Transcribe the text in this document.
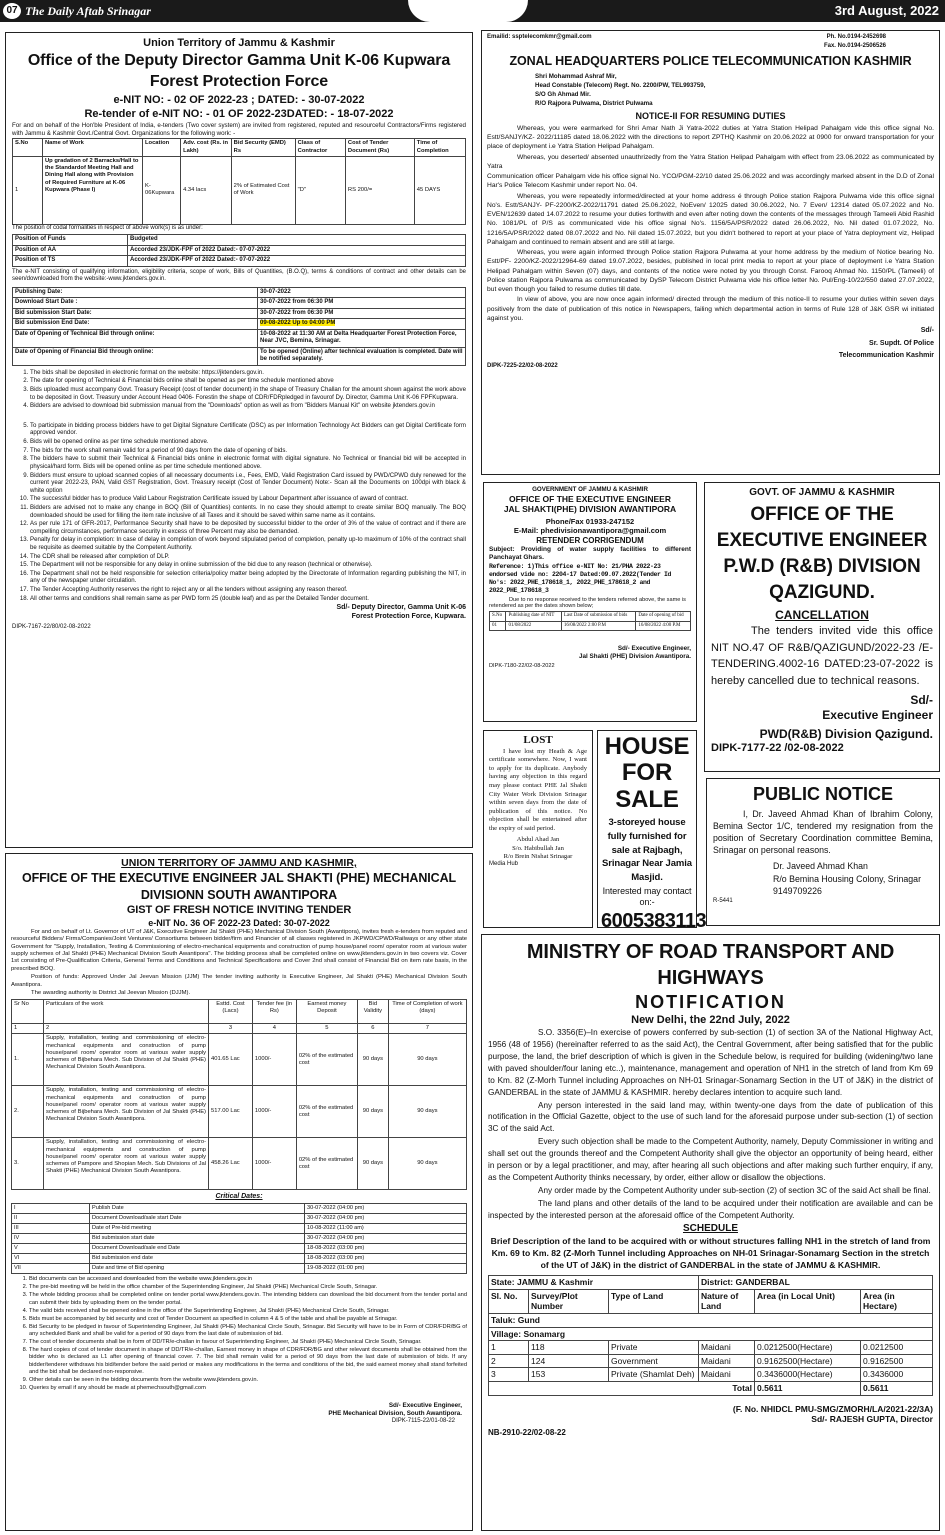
07 The Daily Aftab Srinagar	آفتاب	3rd August, 2022
Union Territory of Jammu & Kashmir
Office of the Deputy Director Gamma Unit K-06 Kupwara
Forest Protection Force
e-NIT NO: - 02 OF 2022-23 ; DATED: - 30-07-2022
Re-tender of e-NIT NO: - 01 OF 2022-23DATED: - 18-07-2022

For and on behalf of the Hon'ble President of India, e-tenders (Two cover system) are invited from registered, reputed and resourceful Contractors/Firms registered with Jammu & Kashmir Govt./Central Govt. Organizations for the following work: -

S.No	Name of Work	Location	Adv. cost (Rs. in Lakh)	Bid Security (EMD) Rs	Class of Contractor	Cost of Tender Document (Rs)	Time of Completion
1	Up gradation of 2 Barracks/Hall to the Standardof Meeting Hall and Dining Hall along with Provision of Required Furniture at K-06 Kupwara (Phase I)	K-06Kupwara	4.34 lacs	2% of Estimated Cost of Work	"D"	RS 200/=	45 DAYS

The position of codal formalities in respect of above work(s) is as under:

Position of Funds	Budgeted
Position of AA	Accorded 23/JDK-FPF of 2022 Dated:- 07-07-2022
Position of TS	Accorded 23/JDK-FPF of 2022 Dated:- 07-07-2022

The e-NIT consisting of qualifying information, eligibility criteria, scope of work, Bills of Quantities, (B.O.Q), terms & conditions of contract and other details can be seen/downloaded from the website:-www.jktenders.gov.in.

Publishing Date:	30-07-2022
Download Start Date :	30-07-2022 from 06:30 PM
Bid submission Start Date:	30-07-2022 from 06:30 PM
Bid submission End Date:	09-08-2022 Up to 04:00 PM
Date of Opening of Technical Bid through online:	10-08-2022 at 11:30 AM at Delta Headquarter Forest Protection Force, Near JVC, Bemina, Srinagar.
Date of Opening of Financial Bid through online:	To be opened (Online) after technical evaluation is completed. Date will be notified separately.
1. The bids shall be deposited in electronic format on the website: https://jktenders.gov.in.
2. The date for opening of Technical & Financial bids online shall be opened as per time schedule mentioned above
3. Bids uploaded must accompany Govt. Treasury Receipt (cost of tender document) in the shape of Treasury Challan for the amount shown against the work above to be deposited in Govt. Treasury under Account Head 0406- Forestin the shape of CDR/FDRpledged in favourof Dy. Director, Gamma Unit K-06 FPFKupwara.
4. Bidders are advised to download bid submission manual from the "Downloads" option as well as from "Bidders Manual Kit" on website jktenders.gov.in
5. To participate in bidding process bidders have to get Digital Signature Certificate (DSC) as per Information Technology Act Bidders can get Digital Certificate form approved vendor.
6. Bids will be opened online as per time schedule mentioned above.
7. The bids for the work shall remain valid for a period of 90 days from the date of opening of bids.
8. The bidders have to submit their Technical & Financial bids online in electronic format with digital signature. No Technical or financial bid will be accepted in physical/hard form. Bids will be opened online as per time schedule mentioned above.
9. Bidders must ensure to upload scanned copies of all necessary documents i.e., Fees, EMD, Valid Registration Card issued by PWD/CPWD duly renewed for the current year 2022-23, PAN, Valid GST Registration, Govt. Treasury receipt (Cost of Tender Document) Note:- Scan all the Documents on 100dpi with black & white option
10. The successful bidder has to produce Valid Labour Registration Certificate issued by Labour Department after issuance of award of contract.
11. Bidders are advised not to make any change in BOQ (Bill of Quantities) contents. In no case they should attempt to create similar BOQ manually. The BOQ downloaded should be used for filling the item rate inclusive of all Taxes and it should be saved within same name as it contains.
12. As per rule 171 of GFR-2017, Performance Security shall have to be deposited by successful bidder to the order of 3% of the value of contract and if there are compelling circumstances, performance security in excess of three Percent may also be demanded.
13. Penalty for delay in completion: In case of delay in completion of work beyond stipulated period of completion, penalty up-to maximum of 10% of the contract shall be requisite as deemed suitable by the Competent Authority.
14. The CDR shall be released after completion of DLP.
15. The Department will not be responsible for any delay in online submission of the bid due to any reason (technical or otherwise).
16. The Department shall not be held responsible for selection criteria/policy matter being adopted by the Directorate of Information regarding publishing the NIT, in any of the newspaper under circulation.
17. The Tender Accepting Authority reserves the right to reject any or all the tenders without assigning any reason thereof.
18. All other terms and conditions shall remain same as per PWD form 25 (double leaf) and as per the Detailed Tender document.
Sd/- Deputy Director, Gamma Unit K-06
Forest Protection Force, Kupwara.
DIPK-7167-22/80/02-08-2022
Emailid: ssptelecomkmr@gmail.com	Ph. No.0194-2452698
Fax. No.0194-2506526
ZONAL HEADQUARTERS POLICE TELECOMMUNICATION KASHMIR
Shri Mohammad Ashraf Mir,
Head Constable (Telecom) Regt. No. 2200/PW, TEL993759,
S/O Gh Ahmad Mir.
R/O Rajpora Pulwama, District Pulwama
NOTICE-II FOR RESUMING DUTIES

Whereas, you were earmarked for Shri Amar Nath Ji Yatra-2022 duties at Yatra Station Helipad Pahalgam vide this office signal No. Estt/SANJY/KZ- 2022/11185 dated 18.06.2022 with the directions to report ZPTHQ Kashmir on 20.06.2022 at 0900 for onward transportation for your place of deployment i.e Yatra Station Helipad Pahalgam.

Whereas, you deserted/ absented unauthrizedly from the Yatra Station Helipad Pahalgam with effect from 23.06.2022 as communicated by Yatra

Communication officer Pahalgam vide his office signal No. YCO/PGM-22/10 dated 25.06.2022 and was accordingly marked absent in the D.D of Zonal Har's Police Telecom Kashmir under report No. 04.

Whereas, you were repeatedly informed/directed at your home address é through Police station Rajpora Pulwama vide this office signal No's. Estt/SANJY- PF-2200/KZ-2022/11791 dated 25.06.2022, NoEven/ 12025 dated 30.06.2022, No. 7 Even/ 12314 dated 05.07.2022 and No. EVEN/12639 dated 14.07.2022 to resume your duties forthwith and even after noting down the contents of the messages through Tameeli Abid Rashid No. 1081/PL of P/S as communicated vide his office signal No's. 1156/5A/PSR/2022 dated 26.06.2022, No. Nil dated 01.07.2022, No. 1216/5A/PSR/2022 dated 08.07.2022 and No. Nil dated 15.07.2022, but you didn't bothered to report at your place of Yatra deployment viz, Helipad Pahalgam and continued to remain absent and are still at large.

Whereas, you were again informed through Police station Rajpora Pulwama at your home address by the medium of Notice bearing No. Estt/PF- 2200/KZ-2022/12964-69 dated 19.07.2022, besides, published in local print media to report at your place of deployment i.e Yatra Station Helipad Pahalgam within Seven (07) days, and contents of the notice were noted by you through Const. Farooq Ahmad No. 1150/PL (Tameeli) of Police station Rajpora Pulwama as communicated by DySP Telecom District Pulwama vide his office letter No. Pul/Eng-10/22/550 dated 27.07.2022, but even though you failed to resume duties till date.

In view of above, you are now once again informed/ directed through the medium of this notice-II to resume your duties within seven days positively from the date of publication of this notice in Newspapers, failing which departmental action in terms of Rule 128 of J&K GSR wi initiated against you.

Sd/-
Sr. Supdt. Of Police
Telecommunication Kashmir
DIPK-7225-22/02-08-2022
GOVERNMENT OF JAMMU & KASHMIR
OFFICE OF THE EXECUTIVE ENGINEER
JAL SHAKTI(PHE) DIVISION AWANTIPORA
Phone/Fax 01933-247152
E-Mail: phedivisionawantipora@gmail.com
RETENDER CORRIGENDUM

Subject: Providing of water supply facilities to different Panchayat Ghars.

Reference: 1)This office e-NIT No: 21/PHA 2022-23 endorsed vide no: 2204-17 Dated:09.07.2022(Tender Id No's: 2022_PHE_178618_1, 2022_PHE_178618_2 and 2022_PHE_178618_3

Due to no response received to the tenders referred above, the same is retendered as per the dates shown below;

S.No	Publishing date of NIT	Last Date of submission of bids	Date of opening of bid
01	01/08/2022	16/08/2022 2:00 P.M	16/08/2022 4:00 P.M
Sd/- Executive Engineer,
Jal Shakti (PHE) Division Awantipora.
DIPK-7180-22/02-08-2022
GOVT. OF JAMMU & KASHMIR
OFFICE OF THE EXECUTIVE ENGINEER P.W.D (R&B) DIVISION QAZIGUND.
CANCELLATION

The tenders invited vide this office NIT NO.47 OF R&B/QAZIGUND/2022-23 /E-TENDERING.4002-16 DATED:23-07-2022 is hereby cancelled due to technical reasons.

Sd/-
Executive Engineer
PWD(R&B) Division Qazigund.
DIPK-7177-22 /02-08-2022
LOST

I have lost my Heath & Age certificate somewhere. Now, I want to apply for its duplicate. Anybody having any objection in this regard may please contact PHE Jal Shakti City Water Work Division Srinagar within seven days from the date of publication of this notice. No objection shall be entertained after the expiry of said period.

Abdul Ahad Jan
S/o. Habibullah Jan
R/o Brein Nishat Srinagar
Media Hub
HOUSE
FOR SALE

3-storeyed house fully furnished for sale at Rajbagh, Srinagar Near Jamia Masjid.

Interested may contact on:-
6005383113
PUBLIC NOTICE

I, Dr. Javeed Ahmad Khan of Ibrahim Colony, Bemina Sector 1/C, tendered my resignation from the position of Secretary Coordination committee Bemina, Srinagar on personal reasons.

Dr. Javeed Ahmad Khan
R/o Bemina Housing Colony, Srinagar
9149709226
R-5441
UNION TERRITORY OF JAMMU AND KASHMIR,
OFFICE OF THE EXECUTIVE ENGINEER JAL SHAKTI (PHE) MECHANICAL DIVISIONN SOUTH AWANTIPORA
GIST OF FRESH NOTICE INVITING TENDER
e-NIT No. 36 OF 2022-23 Dated: 30-07-2022

For and on behalf of Lt. Governor of UT of J&K, Executive Engineer Jal Shakti (PHE) Mechanical Division South (Awantipora), invites fresh e-tenders from reputed and resourceful Bidders/ Firms/Companies/Joint Ventures/ Consortiums between bidder/firm and Financier of all classes registered in JKPWD/CPWD/Railways or any other state Government for "Supply, Installation, Testing & Commissioning of electro-mechanical equipments and construction of pump house/panel room/ operator room at various water supply schemes of Jal Shakti (PHE) Mechanical Division South Awantipora". The bidding process shall be completed online on www.jktenders.gov.in in two covers viz. Cover 1st consisting of Pre-Qualification Criteria, General Terms and Conditions and Technical Specifications and Cover 2nd shall consist of Financial Bid on item rate basis, in the prescribed BOQ.

Position of funds: Approved Under Jal Jeevan Mission (JJM) The tender inviting authority is Executive Engineer, Jal Shakti (PHE) Mechanical Division South Awantipora.

The awarding authority is District Jal Jeevan Mission (DJJM).

Sr No	Particulars of the work	Esttd. Cost (Lacs)	Tender fee (in Rs)	Earnest money Deposit	Bid Validity	Time of Completion of work (days)
1	2	3	4	5	6	7
1.	Supply, installation, testing and commissioning of electro-mechanical equipments and construction of pump house/panel room/ operator room at various water supply schemes of Bijbehara Mech. Sub Division of Jal Shakti (PHE) Mechanical Division South Awantipora.	401.65 Lac	1000/-	02% of the estimated cost	90 days	90 days
2.	Supply, installation, testing and commissioning of electro-mechanical equipments and construction of pump house/panel room/ operator room at various water supply schemes of Bijbehara Mech. Sub Division of Jal Shakti (PHE) Mechanical Division South Awantipora.	517.00 Lac	1000/-	02% of the estimated cost	90 days	90 days
3.	Supply, installation, testing and commissioning of electro-mechanical equipments and construction of pump house/panel room/ operator room at various water supply schemes of Pampore and Shopian Mech. Sub Divisions of Jal Shakti (PHE) Mechanical Division South Awantipora.	458.26 Lac	1000/-	02% of the estimated cost	90 days	90 days
Critical Dates:
I	Publish Date	30-07-2022 (04:00 pm)
II	Document Download/sale start Date	30-07-2022 (04:00 pm)
III	Date of Pre-bid meeting	10-08-2022 (11:00 am)
IV	Bid submission start date	30-07-2022 (04:00 pm)
V	Document Download/sale end Date	18-08-2022 (03:00 pm)
VI	Bid submission end date	18-08-2022 (03:00 pm)
VII	Date and time of Bid opening	19-08-2022 (01:00 pm)
1. Bid documents can be accessed and downloaded from the website www.jktenders.gov.in
2. The pre-bid meeting will be held in the office chamber of the Superintending Engineer, Jal Shakti (PHE) Mechanical Circle South, Srinagar.
3. The whole bidding process shall be completed online on tender portal www.jktenders.gov.in. The intending bidders can download the bid document from the tender portal and can submit their bids by uploading them on the tender portal.
4. The valid bids received shall be opened online in the office of the Superintending Engineer, Jal Shakti (PHE) Mechanical Circle South, Srinagar.
5. Bids must be accompanied by bid security and cost of Tender Document as specified in column 4 & 5 of the table and shall be payable at Srinagar.
6. Bid Security to be pledged in favour of Superintending Engineer, Jal Shakti (PHE) Mechanical Circle South, Srinagar. Bid Security will have to be in Form of CDR/FDR/BG of any scheduled Bank and shall be valid for a period of 90 days from the last date of submission of bid.
7. The cost of tender documents shall be in form of DD/TR/e-challan in favour of Superintending Engineer, Jal Shakti (PHE) Mechanical Circle South, Srinagar.
8. The hard copies of cost of tender document in shape of DD/TR/e-challan, Earnest money in shape of CDR/FDR/BG and other relevant documents shall be obtained from the bidder who is declared as L1 after opening of financial cover. 7. The bid shall remain valid for a period of 90 days from the last date of submission of bids. If any bidder/tenderer withdraws his bid/tender before the said period or makes any modifications in the terms and conditions of the bid, the said earnest money shall stand forfeited and the bid shall be declared non-responsive.
9. Other details can be seen in the bidding documents from the website www.jktenders.gov.in.
10. Queries by email if any should be made at phemechsouth@gmail.com
Sd/- Executive Engineer,
PHE Mechanical Division, South Awantipora.
DIPK-7115-22/01-08-22
MINISTRY OF ROAD TRANSPORT AND HIGHWAYS
NOTIFICATION
New Delhi, the 22nd July, 2022

S.O. 3356(E)–In exercise of powers conferred by sub-section (1) of section 3A of the National Highway Act, 1956 (48 of 1956) (hereinafter referred to as the said Act), the Central Government, after being satisfied that for the public purpose, the land, the brief description of which is given in the Schedule below, is required for building (widening/two lane with paved shoulder/four laning etc..), maintenance, management and operation of NH1 in the stretch of land from Km 69 to Km. 82 (Z-Morh Tunnel including Approaches on NH-01 Srinagar-Sonamarg Section in the UT of J&K) in the district of GANDERBAL in the state of JAMMU & KASHMIR. hereby declares intention to acquire such land.

Any person interested in the said land may, within twenty-one days from the date of publication of this notification in the Official Gazette, object to the use of such land for the aforesaid purpose under sub-section (1) of section 3C of the said Act.

Every such objection shall be made to the Competent Authority, namely, Deputy Commissioner in writing and shall set out the grounds thereof and the Competent Authority shall give the objector an opportunity of being heard, either in person or by a legal practitioner, and may, after hearing all such objections and after making such further enquiry, if any, as the Competent Authority thinks necessary, by order, either allow or disallow the objections.

Any order made by the Competent Authority under sub-section (2) of section 3C of the said Act shall be final.

The land plans and other details of the land to be acquired under their notification are available and can be inspected by the interested person at the aforesaid office of the Competent Authority.

SCHEDULE

Brief Description of the land to be acquired with or without structures falling NH1 in the stretch of land from Km. 69 to Km. 82 (Z-Morh Tunnel including Approaches on NH-01 Srinagar-Sonamarg Section in the stretch of the UT of J&K) in the district of GANDERBAL in the state of JAMMU & KASHMIR.

State: JAMMU & Kashmir			District: GANDERBAL		
Sl. No.	Survey/Plot Number	Type of Land	Nature of Land	Area (in Local Unit)	Area (in Hectare)
Taluk: Gund					
Village: Sonamarg					
1	118	Private	Maidani	0.0212500(Hectare)	0.0212500
2	124	Government	Maidani	0.9162500(Hectare)	0.9162500
3	153	Private (Shamlat Deh)	Maidani	0.3436000(Hectare)	0.3436000
Total				0.5611	0.5611
(F. No. NHIDCL PMU-SMG/ZMORH/LA/2021-22/3A)
Sd/- RAJESH GUPTA, Director
NB-2910-22/02-08-22
